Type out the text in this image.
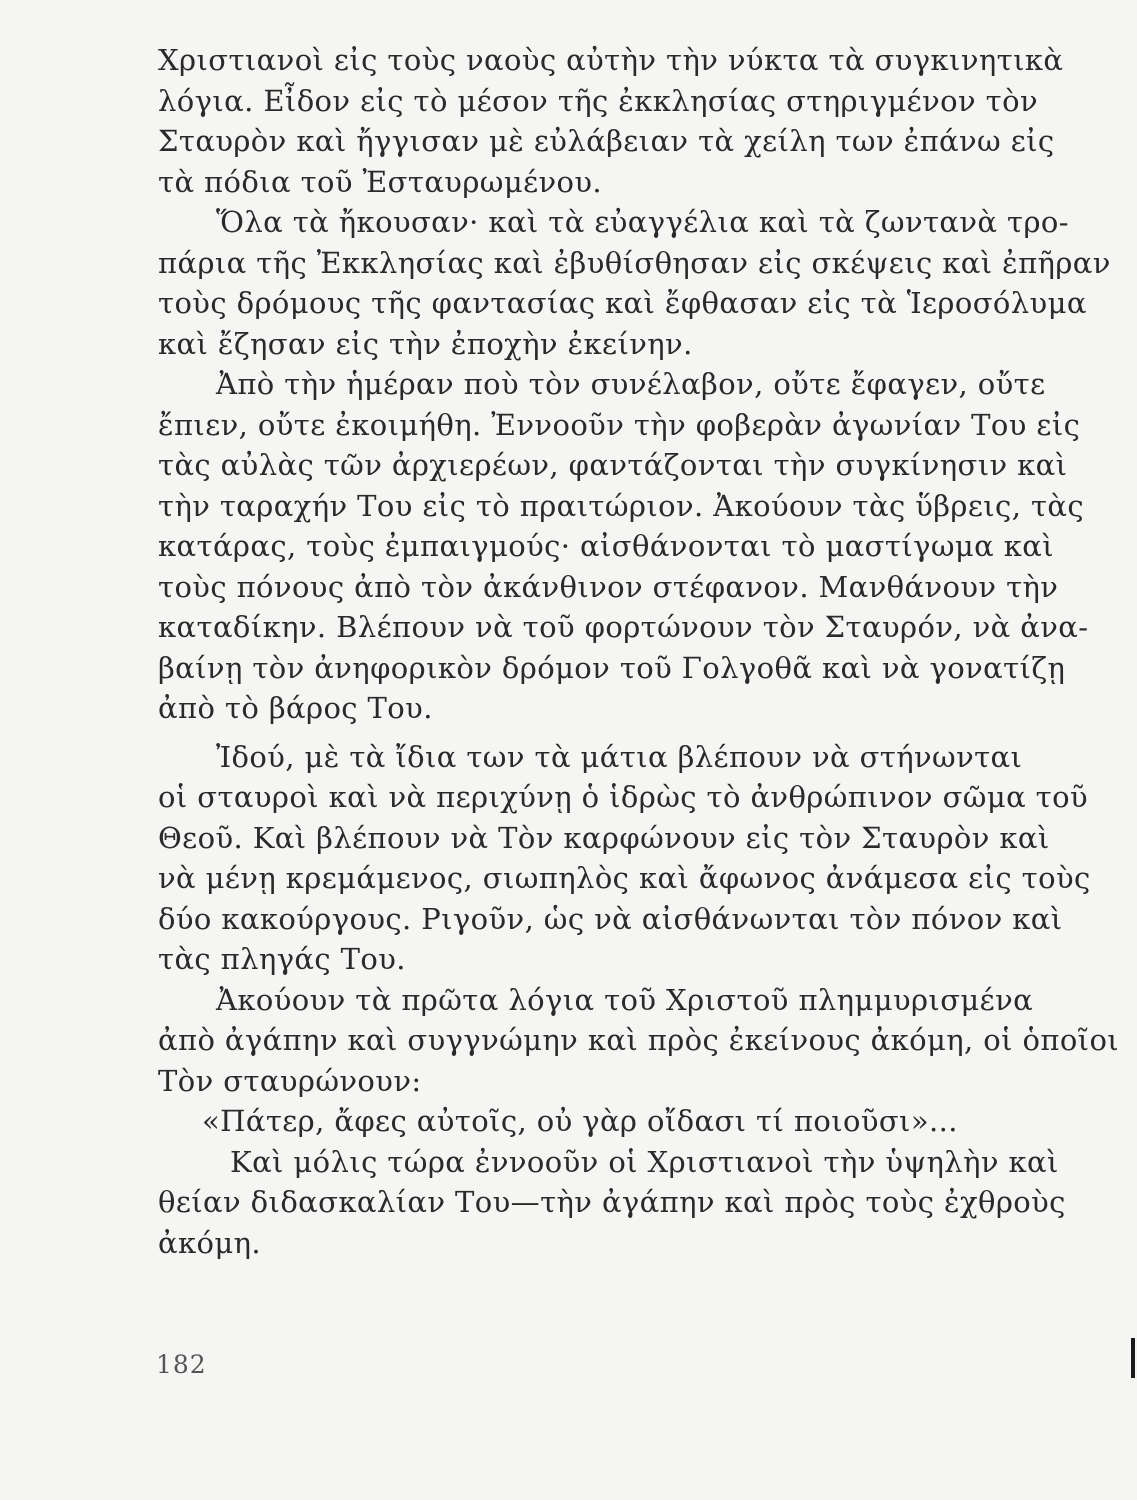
Χριστιανοὶ εἰς τοὺς ναοὺς αὐτὴν τὴν νύκτα τὰ συγκινητικὰ
λόγια. Εἶδον εἰς τὸ μέσον τῆς ἐκκλησίας στηριγμένον τὸν
Σταυρὸν καὶ ἤγγισαν μὲ εὐλάβειαν τὰ χείλη των ἐπάνω εἰς
τὰ πόδια τοῦ Ἐσταυρωμένου.

Ὅλα τὰ ἤκουσαν· καὶ τὰ εὐαγγέλια καὶ τὰ ζωντανὰ τρο-
πάρια τῆς Ἐκκλησίας καὶ ἐβυθίσθησαν εἰς σκέψεις καὶ ἐπῆραν
τοὺς δρόμους τῆς φαντασίας καὶ ἔφθασαν εἰς τὰ Ἱεροσόλυμα
καὶ ἔζησαν εἰς τὴν ἐποχὴν ἐκείνην.

Ἀπὸ τὴν ἡμέραν ποὺ τὸν συνέλαβον, οὔτε ἔφαγεν, οὔτε
ἔπιεν, οὔτε ἐκοιμήθη. Ἐννοοῦν τὴν φοβερὰν ἀγωνίαν Του εἰς
τὰς αὐλὰς τῶν ἀρχιερέων, φαντάζονται τὴν συγκίνησιν καὶ
τὴν ταραχήν Του εἰς τὸ πραιτώριον. Ἀκούουν τὰς ὕβρεις, τὰς
κατάρας, τοὺς ἐμπαιγμούς· αἰσθάνονται τὸ μαστίγωμα καὶ
τοὺς πόνους ἀπὸ τὸν ἀκάνθινον στέφανον. Μανθάνουν τὴν
καταδίκην. Βλέπουν νὰ τοῦ φορτώνουν τὸν Σταυρόν, νὰ ἀνα-
βαίνῃ τὸν ἀνηφορικὸν δρόμον τοῦ Γολγοθᾶ καὶ νὰ γονατίζῃ
ἀπὸ τὸ βάρος Του.

Ἰδού, μὲ τὰ ἴδια των τὰ μάτια βλέπουν νὰ στήνωνται
οἱ σταυροὶ καὶ νὰ περιχύνῃ ὁ ἱδρὼς τὸ ἀνθρώπινον σῶμα τοῦ
Θεοῦ. Καὶ βλέπουν νὰ Τὸν καρφώνουν εἰς τὸν Σταυρὸν καὶ
νὰ μένῃ κρεμάμενος, σιωπηλὸς καὶ ἄφωνος ἀνάμεσα εἰς τοὺς
δύο κακούργους. Ριγοῦν, ὡς νὰ αἰσθάνωνται τὸν πόνον καὶ
τὰς πληγάς Του.

Ἀκούουν τὰ πρῶτα λόγια τοῦ Χριστοῦ πλημμυρισμένα
ἀπὸ ἀγάπην καὶ συγγνώμην καὶ πρὸς ἐκείνους ἀκόμη, οἱ ὁποῖοι
Τὸν σταυρώνουν:

«Πάτερ, ἄφες αὐτοῖς, οὐ γὰρ οἴδασι τί ποιοῦσι»...

Καὶ μόλις τώρα ἐννοοῦν οἱ Χριστιανοὶ τὴν ὑψηλὴν καὶ
θείαν διδασκαλίαν Του—τὴν ἀγάπην καὶ πρὸς τοὺς ἐχθροὺς
ἀκόμη.

182
